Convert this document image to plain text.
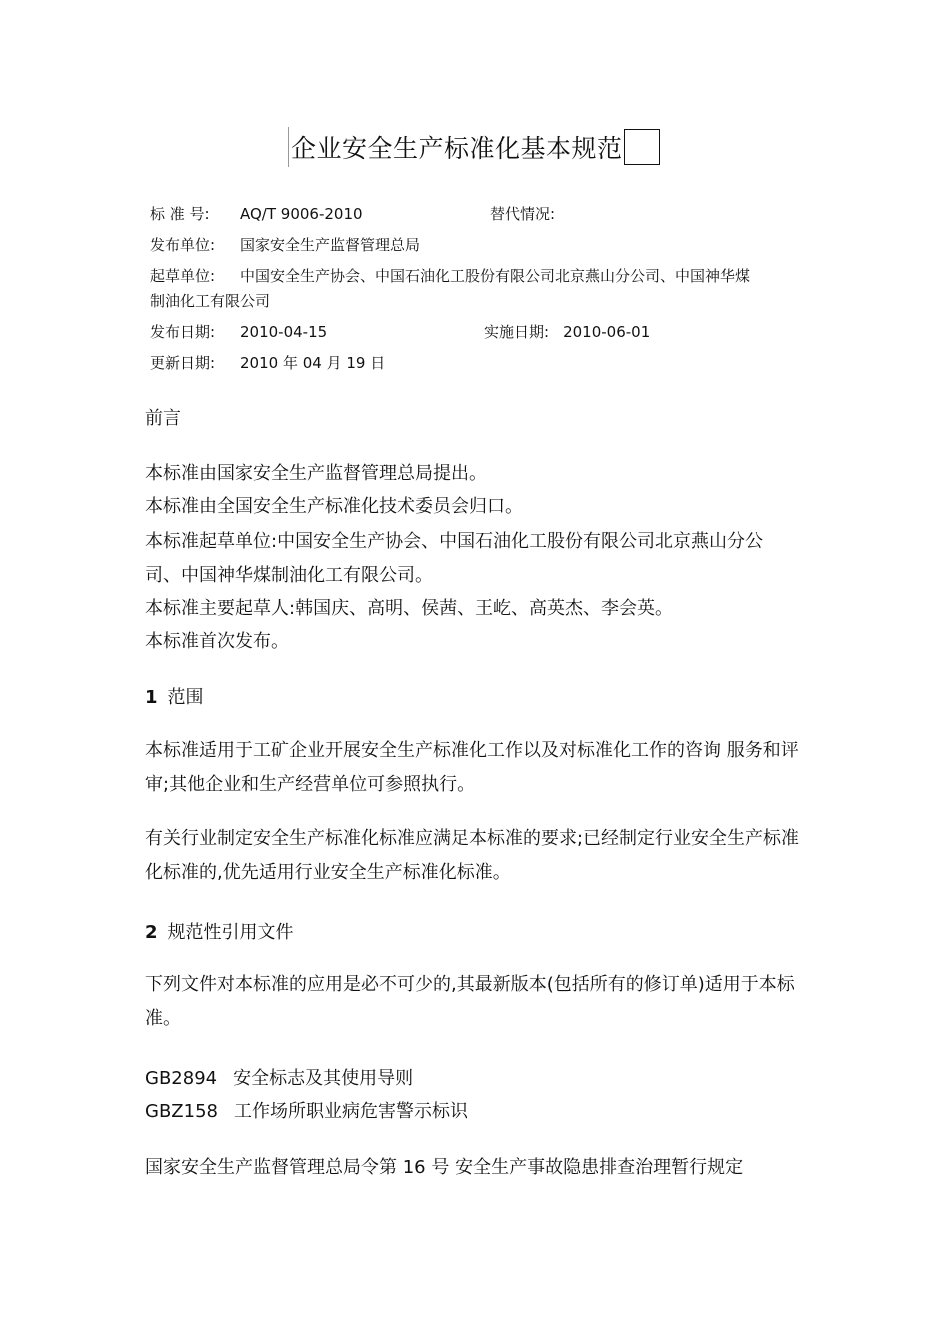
企业安全生产标准化基本规范
标 准 号: AQ/T 9006-2010	替代情况:
发布单位: 国家安全生产监督管理总局
起草单位: 中国安全生产协会、中国石油化工股份有限公司北京燕山分公司、中国神华煤
制油化工有限公司
发布日期: 2010-04-15	实施日期: 2010-06-01
更新日期: 2010 年 04 月 19 日
前言
本标准由国家安全生产监督管理总局提出。
本标准由全国安全生产标准化技术委员会归口。
本标准起草单位:中国安全生产协会、中国石油化工股份有限公司北京燕山分公
司、中国神华煤制油化工有限公司。
本标准主要起草人:韩国庆、高明、侯茜、王屹、高英杰、李会英。
本标准首次发布。
1 范围
本标准适用于工矿企业开展安全生产标准化工作以及对标准化工作的咨询 服务和评审;其他企业和生产经营单位可参照执行。
有关行业制定安全生产标准化标准应满足本标准的要求;已经制定行业安全生产标准化标准的,优先适用行业安全生产标准化标准。
2 规范性引用文件
下列文件对本标准的应用是必不可少的,其最新版本(包括所有的修订单)适用于本标准。
GB2894 安全标志及其使用导则
GBZ158 工作场所职业病危害警示标识
国家安全生产监督管理总局令第 16 号 安全生产事故隐患排查治理暂行规定
